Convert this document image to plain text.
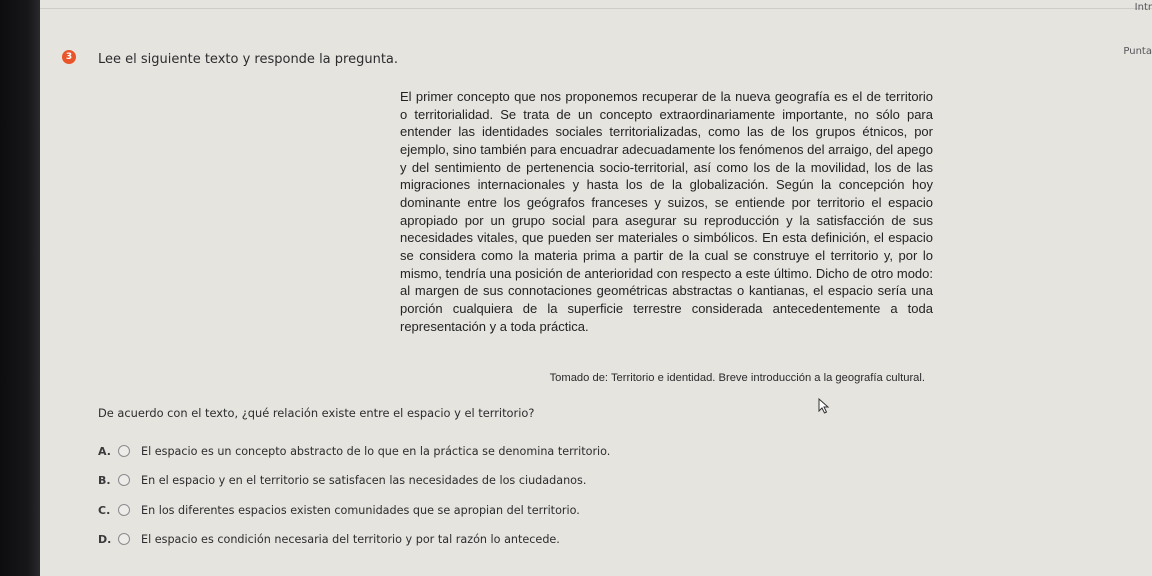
Intr
Punta
3 Lee el siguiente texto y responde la pregunta.
El primer concepto que nos proponemos recuperar de la nueva geografía es el de territorio o territorialidad. Se trata de un concepto extraordinariamente importante, no sólo para entender las identidades sociales territorializadas, como las de los grupos étnicos, por ejemplo, sino también para encuadrar adecuadamente los fenómenos del arraigo, del apego y del sentimiento de pertenencia socio-territorial, así como los de la movilidad, los de las migraciones internacionales y hasta los de la globalización. Según la concepción hoy dominante entre los geógrafos franceses y suizos, se entiende por territorio el espacio apropiado por un grupo social para asegurar su reproducción y la satisfacción de sus necesidades vitales, que pueden ser materiales o simbólicos. En esta definición, el espacio se considera como la materia prima a partir de la cual se construye el territorio y, por lo mismo, tendría una posición de anterioridad con respecto a este último. Dicho de otro modo: al margen de sus connotaciones geométricas abstractas o kantianas, el espacio sería una porción cualquiera de la superficie terrestre considerada antecedentemente a toda representación y a toda práctica.
Tomado de: Territorio e identidad. Breve introducción a la geografía cultural.
De acuerdo con el texto, ¿qué relación existe entre el espacio y el territorio?
A.	El espacio es un concepto abstracto de lo que en la práctica se denomina territorio.
B.	En el espacio y en el territorio se satisfacen las necesidades de los ciudadanos.
C.	En los diferentes espacios existen comunidades que se apropian del territorio.
D.	El espacio es condición necesaria del territorio y por tal razón lo antecede.
